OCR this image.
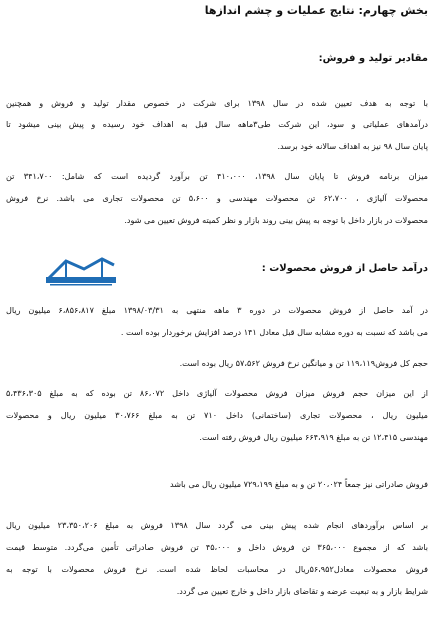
بخش چهارم: نتایج عملیات و چشم اندازها
مقادیر تولید و فروش:
با توجه به هدف تعیین شده در سال ۱۳۹۸ برای شرکت در خصوص مقدار تولید و فروش و همچنین
درآمدهای عملیاتی و سود، این شرکت طی۳ماهه سال قبل به اهداف خود رسیده و پیش بینی میشود تا
پایان سال ۹۸ نیز به اهداف سالانه خود برسد.
میزان برنامه فروش تا پایان سال ۱۳۹۸، ۴۱۰،۰۰۰ تن برآورد گردیده است که شامل: ۳۴۱،۷۰۰ تن
محصولات آلیاژی ، ۶۲،۷۰۰ تن محصولات مهندسی و ۵،۶۰۰ تن محصولات تجاری می باشد. نرخ فروش
محصولات در بازار داخل با توجه به پیش بینی روند بازار و نظر کمیته فروش تعیین می شود.
درآمد حاصل از فروش محصولات :
در آمد حاصل از فروش محصولات در دوره ۳ ماهه منتهی به ۱۳۹۸/۰۳/۳۱ مبلغ ۶،۸۵۶،۸۱۷ میلیون ریال
می باشد که نسبت به دوره مشابه سال قبل معادل ۱۴۱ درصد افزایش برخوردار بوده است .
حجم کل فروش۱۱۹،۱۱۹ تن و میانگین نرخ فروش ۵۷،۵۶۲ ریال بوده است.
از این میزان حجم فروش میزان فروش محصولات آلیاژی داخل ۸۶،۰۷۲ تن بوده که به مبلغ ۵،۴۳۶،۳۰۵
میلیون ریال ، محصولات تجاری (ساختمانی) داخل ۷۱۰ تن به مبلغ ۳۰،۷۶۶ میلیون ریال و محصولات
مهندسی ۱۲،۴۱۵ تن به مبلغ ۶۶۴،۹۱۹ میلیون ریال فروش رفته است.
فروش صادراتی نیز جمعاً ۲۰،۰۲۴ تن و به مبلغ ۷۲۹،۱۹۹ میلیون ریال می باشد
بر اساس برآوردهای انجام شده پیش بینی می گردد سال ۱۳۹۸ فروش به مبلغ ۲۳،۳۵۰،۲۰۶ میلیون ریال
باشد که از مجموع ۳۶۵،۰۰۰ تن فروش داخل و ۴۵،۰۰۰ تن فروش صادراتی تأمین می‌گردد. متوسط قیمت
فروش محصولات معادل۵۶،۹۵۲ریال در محاسبات لحاظ شده است. نرخ فروش محصولات با توجه به
شرایط بازار و به تبعیت عرضه و تقاضای بازار داخل و خارج تعیین می گردد.
